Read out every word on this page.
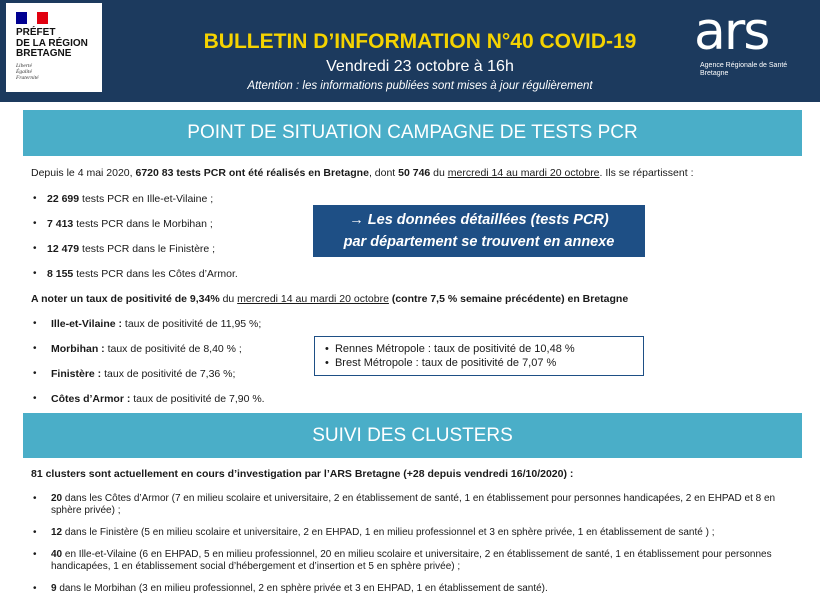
PRÉFET
DE LA RÉGION
BRETAGNE
Liberté
Égalité
Fraternité
BULLETIN D’INFORMATION N°40 COVID-19
Vendredi 23 octobre à 16h
Attention : les informations publiées sont mises à jour régulièrement
ars
Agence Régionale de Santé
Bretagne
POINT DE SITUATION CAMPAGNE DE TESTS PCR
Depuis le 4 mai 2020, 6720 83 tests PCR ont été réalisés en Bretagne, dont 50 746 du mercredi 14 au mardi 20 octobre. Ils se répartissent :
• 22 699 tests PCR en Ille-et-Vilaine ;
• 7 413 tests PCR dans le Morbihan ;
• 12 479 tests PCR dans le Finistère ;
• 8 155 tests PCR dans les Côtes d’Armor.
→ Les données détaillées (tests PCR)
par département se trouvent en annexe
A noter un taux de positivité de 9,34% du mercredi 14 au mardi 20 octobre (contre 7,5 % semaine précédente) en Bretagne
• Ille-et-Vilaine : taux de positivité de 11,95 %;
• Morbihan : taux de positivité de 8,40 % ;
• Finistère : taux de positivité de 7,36 %;
• Côtes d’Armor : taux de positivité de 7,90 %.
•  Rennes Métropole : taux de positivité de 10,48 %
•  Brest Métropole : taux de positivité de 7,07 %
SUIVI DES CLUSTERS
81 clusters sont actuellement en cours d’investigation par l’ARS Bretagne (+28 depuis vendredi 16/10/2020) :
• 20 dans les Côtes d’Armor (7 en milieu scolaire et universitaire, 2 en établissement de santé, 1 en établissement pour personnes handicapées, 2 en EHPAD et 8 en sphère privée) ;
• 12 dans le Finistère (5 en milieu scolaire et universitaire, 2 en EHPAD, 1 en milieu professionnel et 3 en sphère privée, 1 en établissement de santé ) ;
• 40 en Ille-et-Vilaine (6 en EHPAD, 5 en milieu professionnel, 20 en milieu scolaire et universitaire, 2 en établissement de santé, 1 en établissement pour personnes handicapées, 1 en établissement social d’hébergement et d’insertion et 5 en sphère privée) ;
• 9 dans le Morbihan (3 en milieu professionnel, 2 en sphère privée et 3 en EHPAD, 1 en établissement de santé).
